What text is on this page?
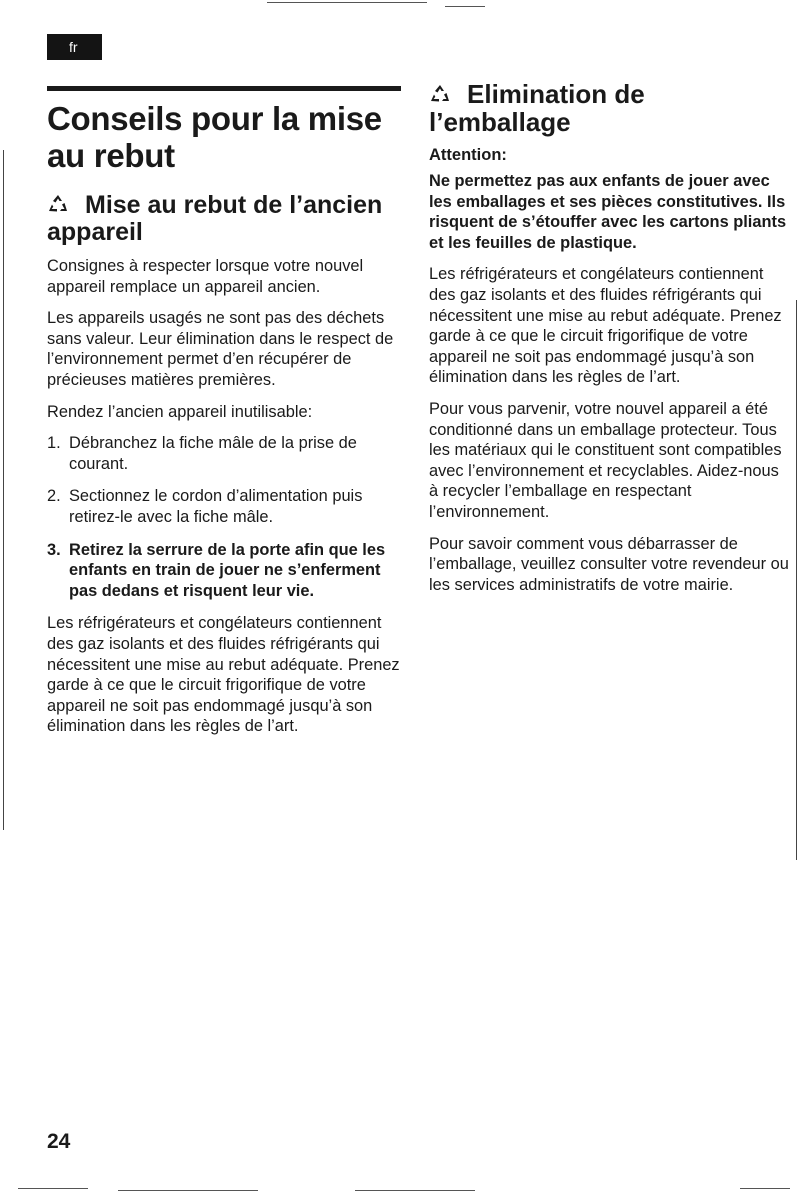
fr
Conseils pour la mise au rebut
Mise au rebut de l’ancien appareil

Consignes à respecter lorsque votre nouvel appareil remplace un appareil ancien.

Les appareils usagés ne sont pas des déchets sans valeur. Leur élimination dans le respect de l’environnement permet d’en récupérer de précieuses matières premières.

Rendez l’ancien appareil inutilisable:

1. Débranchez la fiche mâle de la prise de courant.
2. Sectionnez le cordon d’alimentation puis retirez-le avec la fiche mâle.
3. Retirez la serrure de la porte afin que les enfants en train de jouer ne s’enferment pas dedans et risquent leur vie.

Les réfrigérateurs et congélateurs contiennent des gaz isolants et des fluides réfrigérants qui nécessitent une mise au rebut adéquate. Prenez garde à ce que le circuit frigorifique de votre appareil ne soit pas endommagé jusqu’à son élimination dans les règles de l’art.

Elimination de l’emballage
Attention:

Ne permettez pas aux enfants de jouer avec les emballages et ses pièces constitutives. Ils risquent de s’étouffer avec les cartons pliants et les feuilles de plastique.

Les réfrigérateurs et congélateurs contiennent des gaz isolants et des fluides réfrigérants qui nécessitent une mise au rebut adéquate. Prenez garde à ce que le circuit frigorifique de votre appareil ne soit pas endommagé jusqu’à son élimination dans les règles de l’art.

Pour vous parvenir, votre nouvel appareil a été conditionné dans un emballage protecteur. Tous les matériaux qui le constituent sont compatibles avec l’environnement et recyclables. Aidez-nous à recycler l’emballage en respectant l’environnement.

Pour savoir comment vous débarrasser de l’emballage, veuillez consulter votre revendeur ou les services administratifs de votre mairie.

24
